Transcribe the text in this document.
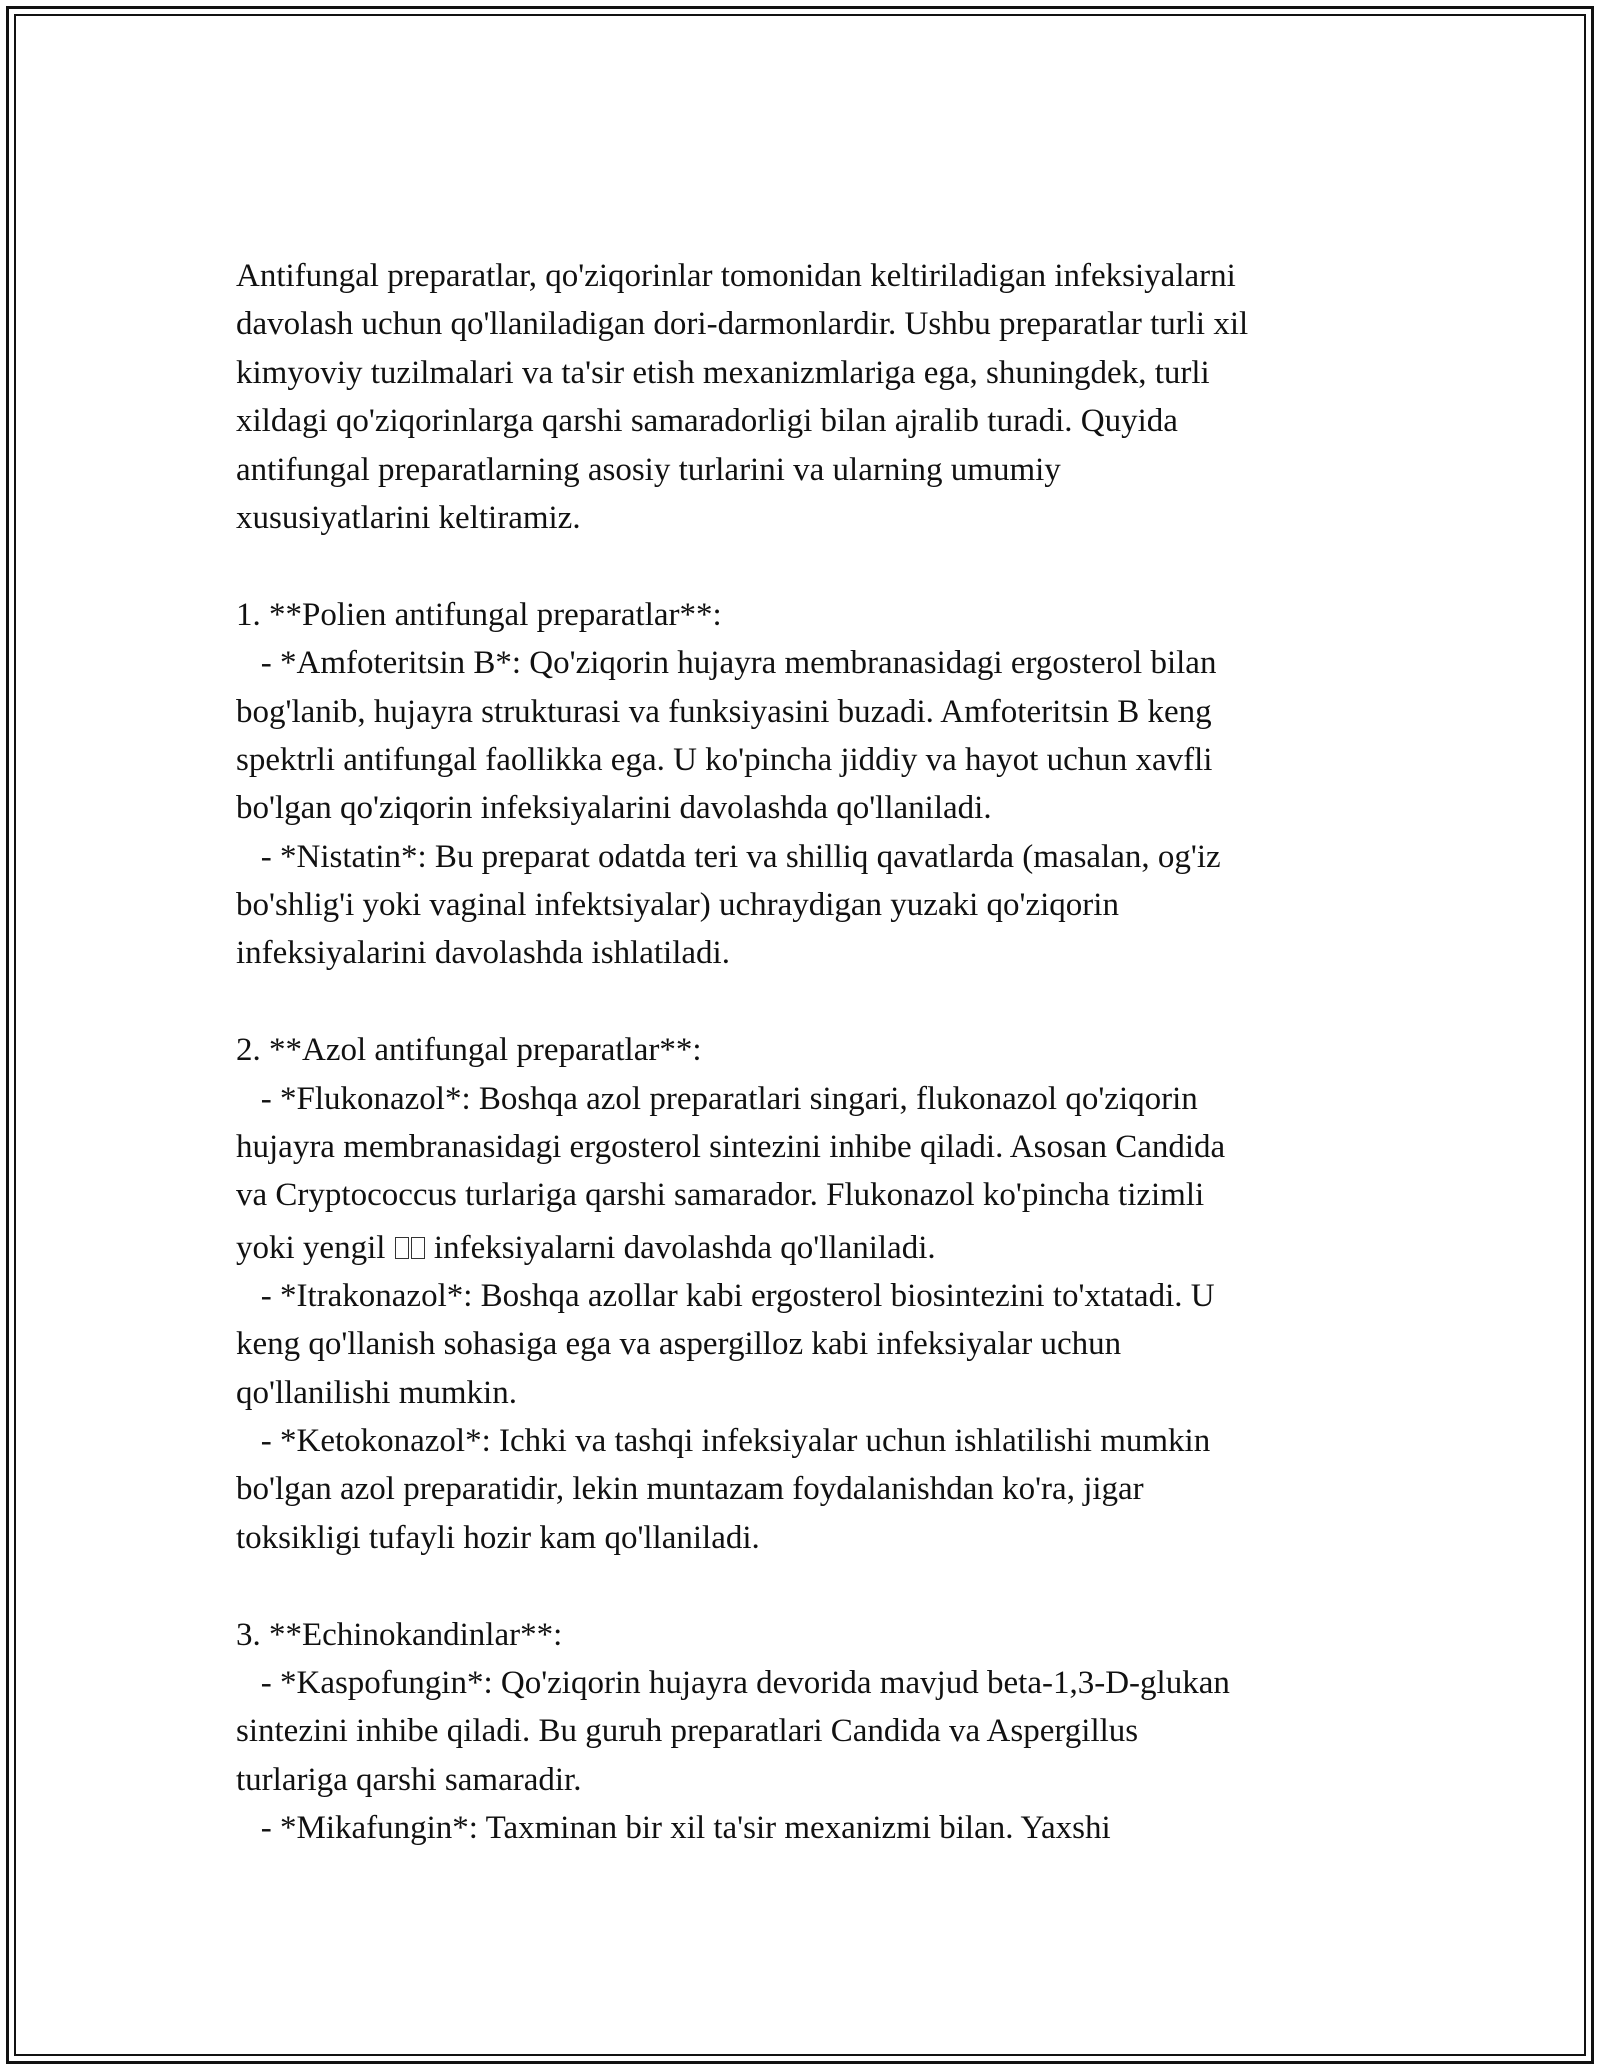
Antifungal preparatlar, qo'ziqorinlar tomonidan keltiriladigan infeksiyalarni
davolash uchun qo'llaniladigan dori-darmonlardir. Ushbu preparatlar turli xil
kimyoviy tuzilmalari va ta'sir etish mexanizmlariga ega, shuningdek, turli
xildagi qo'ziqorinlarga qarshi samaradorligi bilan ajralib turadi. Quyida
antifungal preparatlarning asosiy turlarini va ularning umumiy
xususiyatlarini keltiramiz.
1. **Polien antifungal preparatlar**:
- *Amfoteritsin B*: Qo'ziqorin hujayra membranasidagi ergosterol bilan
bog'lanib, hujayra strukturasi va funksiyasini buzadi. Amfoteritsin B keng
spektrli antifungal faollikka ega. U ko'pincha jiddiy va hayot uchun xavfli
bo'lgan qo'ziqorin infeksiyalarini davolashda qo'llaniladi.
- *Nistatin*: Bu preparat odatda teri va shilliq qavatlarda (masalan, og'iz
bo'shlig'i yoki vaginal infektsiyalar) uchraydigan yuzaki qo'ziqorin
infeksiyalarini davolashda ishlatiladi.
2. **Azol antifungal preparatlar**:
- *Flukonazol*: Boshqa azol preparatlari singari, flukonazol qo'ziqorin
hujayra membranasidagi ergosterol sintezini inhibe qiladi. Asosan Candida
va Cryptococcus turlariga qarshi samarador. Flukonazol ko'pincha tizimli
yoki yengil  infeksiyalarni davolashda qo'llaniladi.
- *Itrakonazol*: Boshqa azollar kabi ergosterol biosintezini to'xtatadi. U
keng qo'llanish sohasiga ega va aspergilloz kabi infeksiyalar uchun
qo'llanilishi mumkin.
- *Ketokonazol*: Ichki va tashqi infeksiyalar uchun ishlatilishi mumkin
bo'lgan azol preparatidir, lekin muntazam foydalanishdan ko'ra, jigar
toksikligi tufayli hozir kam qo'llaniladi.
3. **Echinokandinlar**:
- *Kaspofungin*: Qo'ziqorin hujayra devorida mavjud beta-1,3-D-glukan
sintezini inhibe qiladi. Bu guruh preparatlari Candida va Aspergillus
turlariga qarshi samaradir.
- *Mikafungin*: Taxminan bir xil ta'sir mexanizmi bilan. Yaxshi
